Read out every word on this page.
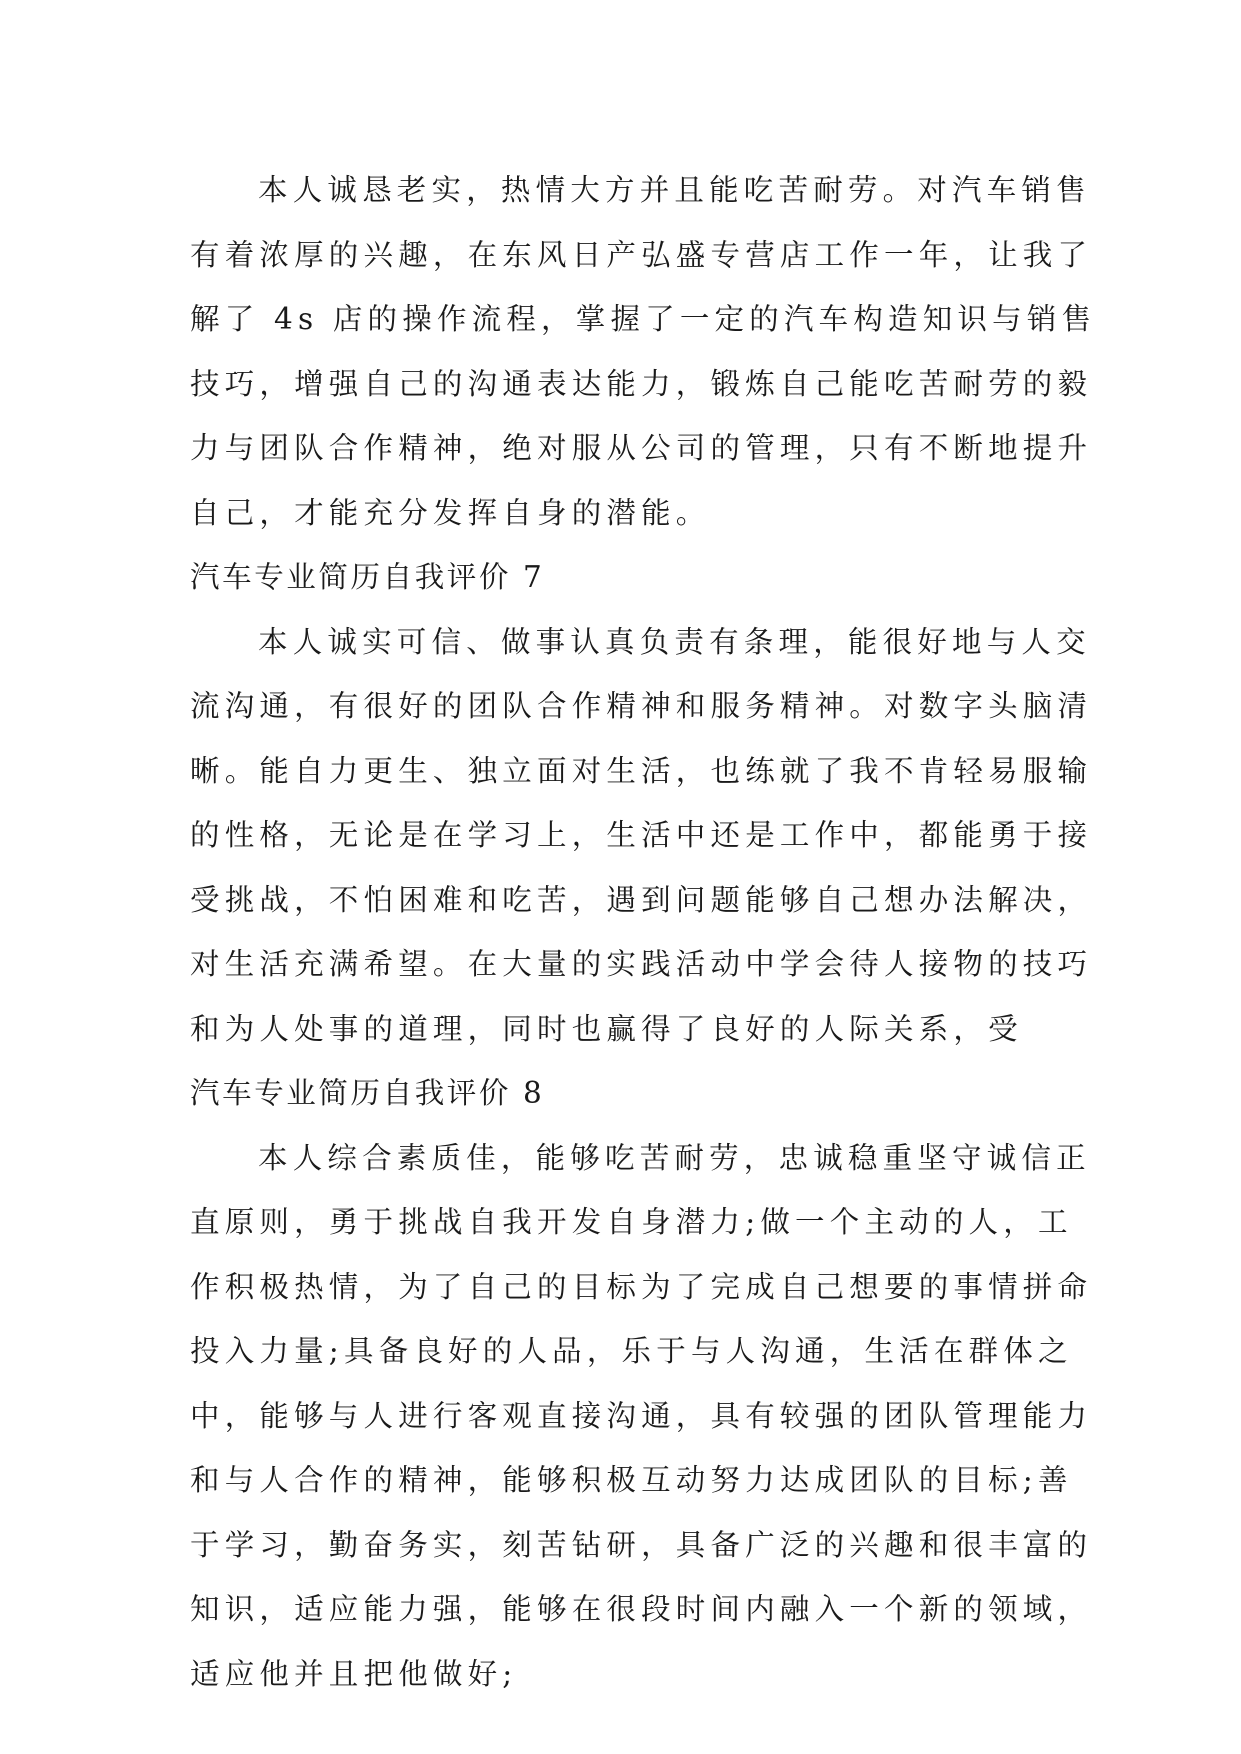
本人诚恳老实，热情大方并且能吃苦耐劳。对汽车销售
有着浓厚的兴趣，在东风日产弘盛专营店工作一年，让我了
解了 4s 店的操作流程，掌握了一定的汽车构造知识与销售
技巧，增强自己的沟通表达能力，锻炼自己能吃苦耐劳的毅
力与团队合作精神，绝对服从公司的管理，只有不断地提升
自己，才能充分发挥自身的潜能。
汽车专业简历自我评价 7
本人诚实可信、做事认真负责有条理，能很好地与人交
流沟通，有很好的团队合作精神和服务精神。对数字头脑清
晰。能自力更生、独立面对生活，也练就了我不肯轻易服输
的性格，无论是在学习上，生活中还是工作中，都能勇于接
受挑战，不怕困难和吃苦，遇到问题能够自己想办法解决，
对生活充满希望。在大量的实践活动中学会待人接物的技巧
和为人处事的道理，同时也赢得了良好的人际关系，受
汽车专业简历自我评价 8
本人综合素质佳，能够吃苦耐劳，忠诚稳重坚守诚信正
直原则，勇于挑战自我开发自身潜力;做一个主动的人，工
作积极热情，为了自己的目标为了完成自己想要的事情拼命
投入力量;具备良好的人品，乐于与人沟通，生活在群体之
中，能够与人进行客观直接沟通，具有较强的团队管理能力
和与人合作的精神，能够积极互动努力达成团队的目标;善
于学习，勤奋务实，刻苦钻研，具备广泛的兴趣和很丰富的
知识，适应能力强，能够在很段时间内融入一个新的领域，
适应他并且把他做好;
